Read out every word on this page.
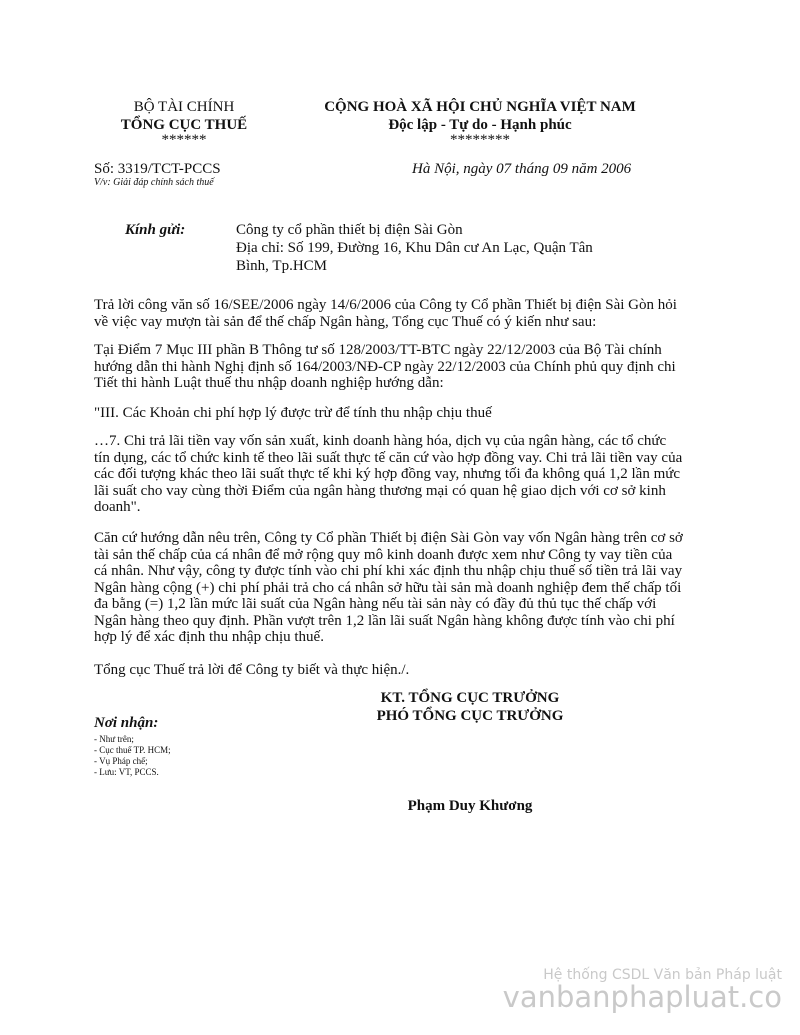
BỘ TÀI CHÍNH
TỔNG CỤC THUẾ
******
CỘNG HOÀ XÃ HỘI CHỦ NGHĨA VIỆT NAM
Độc lập - Tự do - Hạnh phúc
********
Số: 3319/TCT-PCCS
V/v: Giải đáp chính sách thuế
Hà Nội, ngày 07 tháng 09 năm 2006
Kính gửi:	Công ty cổ phần thiết bị điện Sài Gòn
Địa chỉ: Số 199, Đường 16, Khu Dân cư An Lạc, Quận Tân
Bình, Tp.HCM
Trả lời công văn số 16/SEE/2006 ngày 14/6/2006 của Công ty Cổ phần Thiết bị điện Sài Gòn hỏi về việc vay mượn tài sản để thế chấp Ngân hàng, Tổng cục Thuế có ý kiến như sau:
Tại Điểm 7 Mục III phần B Thông tư số 128/2003/TT-BTC ngày 22/12/2003 của Bộ Tài chính hướng dẫn thi hành Nghị định số 164/2003/NĐ-CP ngày 22/12/2003 của Chính phủ quy định chi Tiết thi hành Luật thuế thu nhập doanh nghiệp hướng dẫn:
"III. Các Khoản chi phí hợp lý được trừ để tính thu nhập chịu thuế
…7. Chi trả lãi tiền vay vốn sản xuất, kinh doanh hàng hóa, dịch vụ của ngân hàng, các tổ chức tín dụng, các tổ chức kinh tế theo lãi suất thực tế căn cứ vào hợp đồng vay. Chi trả lãi tiền vay của các đối tượng khác theo lãi suất thực tế khi ký hợp đồng vay, nhưng tối đa không quá 1,2 lần mức lãi suất cho vay cùng thời Điểm của ngân hàng thương mại có quan hệ giao dịch với cơ sở kinh doanh".
Căn cứ hướng dẫn nêu trên, Công ty Cổ phần Thiết bị điện Sài Gòn vay vốn Ngân hàng trên cơ sở tài sản thế chấp của cá nhân để mở rộng quy mô kinh doanh được xem như Công ty vay tiền của cá nhân. Như vậy, công ty được tính vào chi phí khi xác định thu nhập chịu thuế số tiền trả lãi vay Ngân hàng cộng (+) chi phí phải trả cho cá nhân sở hữu tài sản mà doanh nghiệp đem thế chấp tối đa bằng (=) 1,2 lần mức lãi suất của Ngân hàng nếu tài sản này có đầy đủ thủ tục thế chấp với Ngân hàng theo quy định. Phần vượt trên 1,2 lần lãi suất Ngân hàng không được tính vào chi phí hợp lý để xác định thu nhập chịu thuế.
Tổng cục Thuế trả lời để Công ty biết và thực hiện./.
KT. TỔNG CỤC TRƯỞNG
PHÓ TỔNG CỤC TRƯỞNG
Nơi nhận:
- Như trên;
- Cục thuế TP. HCM;
- Vụ Pháp chế;
- Lưu: VT, PCCS.
Phạm Duy Khương
Hệ thống CSDL Văn bản Pháp luật
vanbanphapluat.co
